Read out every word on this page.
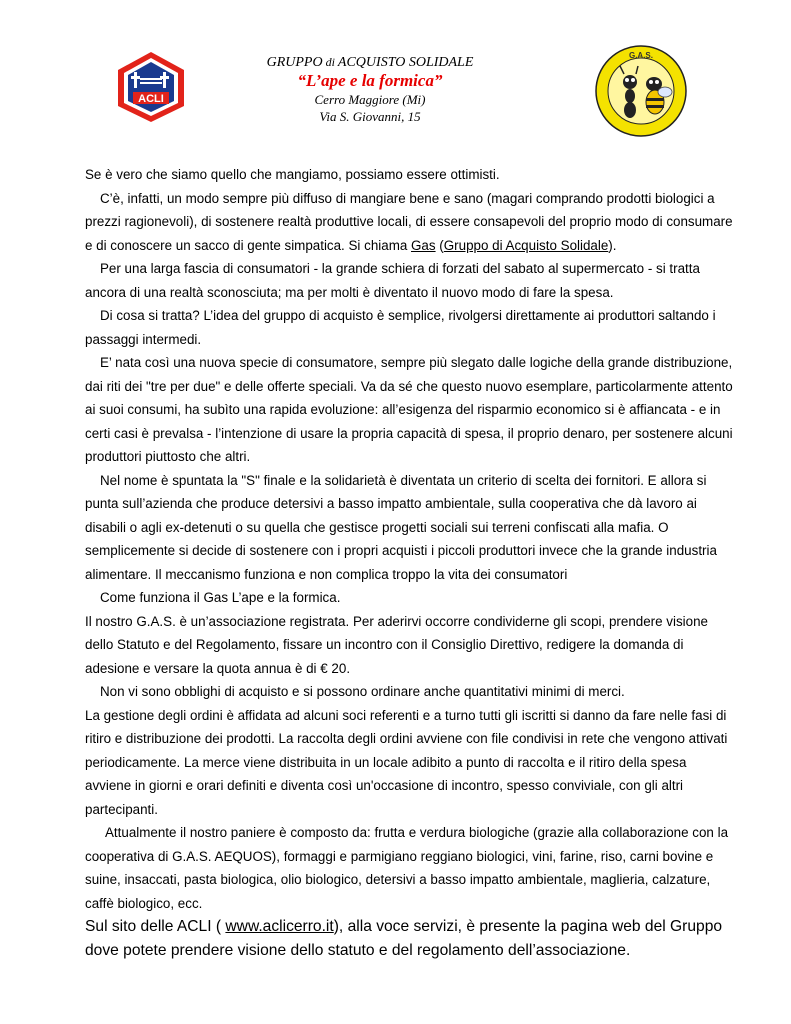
ACLI
GRUPPO di ACQUISTO SOLIDALE
“L’ape e la formica”
Cerro Maggiore (Mi)
Via S. Giovanni, 15
G.A.S.

Se è vero che siamo quello che mangiamo, possiamo essere ottimisti.

C’è, infatti, un modo sempre più diffuso di mangiare bene e sano (magari comprando prodotti biologici a prezzi ragionevoli), di sostenere realtà produttive locali, di essere consapevoli del proprio modo di consumare e di conoscere un sacco di gente simpatica. Si chiama Gas (Gruppo di Acquisto Solidale).

Per una larga fascia di consumatori - la grande schiera di forzati del sabato al supermercato - si tratta ancora di una realtà sconosciuta; ma per molti è diventato il nuovo modo di fare la spesa.

Di cosa si tratta? L’idea del gruppo di acquisto è semplice, rivolgersi direttamente ai produttori saltando i passaggi intermedi.

E’ nata così una nuova specie di consumatore, sempre più slegato dalle logiche della grande distribuzione, dai riti dei "tre per due" e delle offerte speciali. Va da sé che questo nuovo esemplare, particolarmente attento ai suoi consumi, ha subìto una rapida evoluzione: all’esigenza del risparmio economico si è affiancata - e in certi casi è prevalsa - l’intenzione di usare la propria capacità di spesa, il proprio denaro, per sostenere alcuni produttori piuttosto che altri.

Nel nome è spuntata la "S" finale e la solidarietà è diventata un criterio di scelta dei fornitori. E allora si punta sull’azienda che produce detersivi a basso impatto ambientale, sulla cooperativa che dà lavoro ai disabili o agli ex-detenuti o su quella che gestisce progetti sociali sui terreni confiscati alla mafia. O semplicemente si decide di sostenere con i propri acquisti i piccoli produttori invece che la grande industria alimentare. Il meccanismo funziona e non complica troppo la vita dei consumatori

Come funziona il Gas L’ape e la formica.

Il nostro G.A.S. è un’associazione registrata. Per aderirvi occorre condividerne gli scopi, prendere visione dello Statuto e del Regolamento, fissare un incontro con il Consiglio Direttivo, redigere la domanda di adesione e versare la quota annua è di € 20.

Non vi sono obblighi di acquisto e si possono ordinare anche quantitativi minimi di merci.

La gestione degli ordini è affidata ad alcuni soci referenti e a turno tutti gli iscritti si danno da fare nelle fasi di ritiro e distribuzione dei prodotti. La raccolta degli ordini avviene con file condivisi in rete che vengono attivati periodicamente. La merce viene distribuita in un locale adibito a punto di raccolta e il ritiro della spesa avviene in giorni e orari definiti e diventa così un'occasione di incontro, spesso conviviale, con gli altri partecipanti.

Attualmente il nostro paniere è composto da: frutta e verdura biologiche (grazie alla collaborazione con la cooperativa di G.A.S. AEQUOS), formaggi e parmigiano reggiano biologici, vini, farine, riso, carni bovine e suine, insaccati, pasta biologica, olio biologico, detersivi a basso impatto ambientale, maglieria, calzature, caffè biologico, ecc.

Sul sito delle ACLI ( www.aclicerro.it), alla voce servizi, è presente la pagina web del Gruppo dove potete prendere visione dello statuto e del regolamento dell’associazione.
